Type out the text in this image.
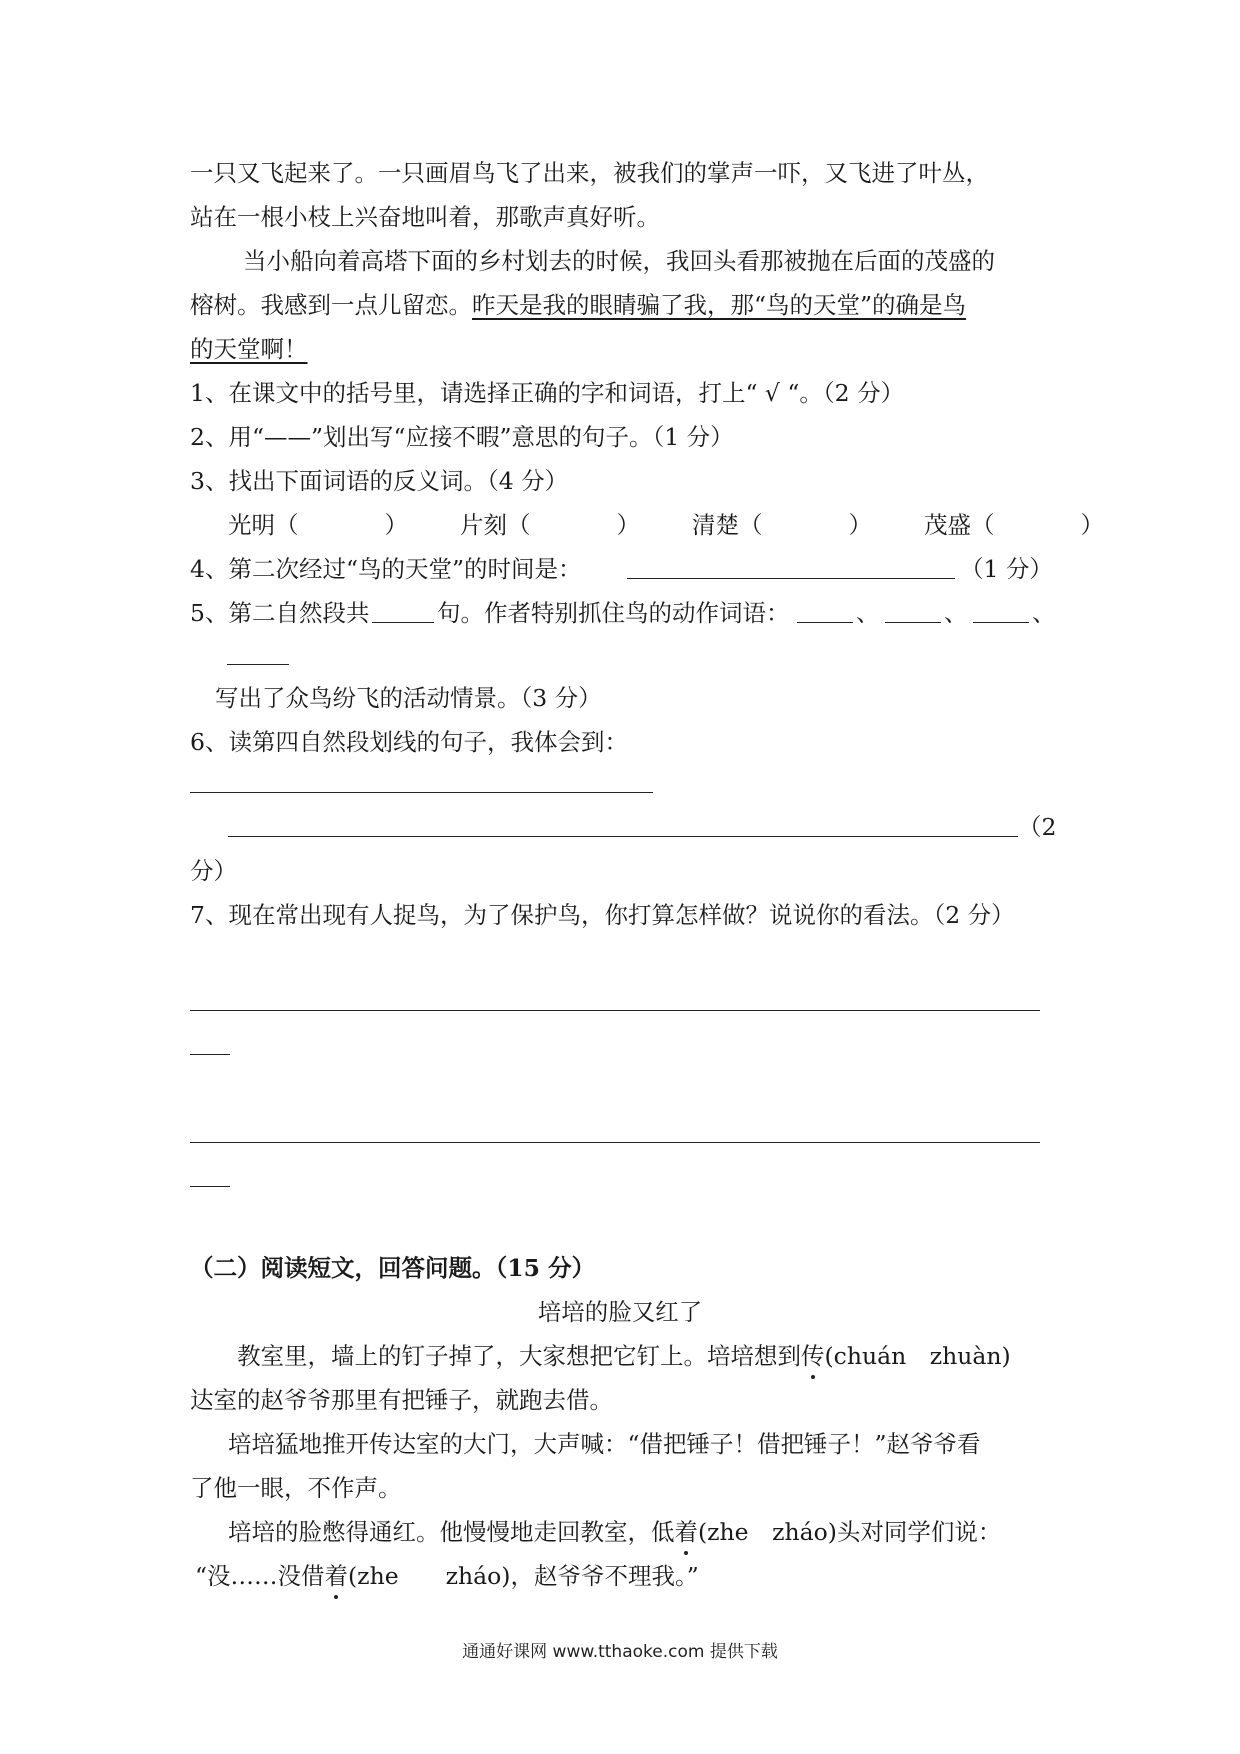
一只又飞起来了。一只画眉鸟飞了出来，被我们的掌声一吓，又飞进了叶丛，
站在一根小枝上兴奋地叫着，那歌声真好听。
当小船向着高塔下面的乡村划去的时候，我回头看那被抛在后面的茂盛的
榕树。我感到一点儿留恋。昨天是我的眼睛骗了我，那“鸟的天堂”的确是鸟
的天堂啊！
1、在课文中的括号里，请选择正确的字和词语，打上“ √ “。（2 分）
2、用“——”划出写“应接不暇”意思的句子。（1 分）
3、找出下面词语的反义词。（4 分）
光明（	） 片刻（	） 清楚（	） 茂盛（	）
4、第二次经过“鸟的天堂”的时间是：	（1 分）
5、第二自然段共	句。作者特别抓住鸟的动作词语：	、	、	、
写出了众鸟纷飞的活动情景。（3 分）
6、读第四自然段划线的句子，我体会到：
（2
分）
7、现在常出现有人捉鸟，为了保护鸟，你打算怎样做？说说你的看法。（2 分）
（二）阅读短文，回答问题。（15 分）
培培的脸又红了
教室里，墙上的钉子掉了，大家想把它钉上。培培想到传(chuán　zhuàn)
达室的赵爷爷那里有把锤子，就跑去借。
培培猛地推开传达室的大门，大声喊：“借把锤子！借把锤子！”赵爷爷看
了他一眼，不作声。
培培的脸憋得通红。他慢慢地走回教室，低着(zhe　zháo)头对同学们说：
“没……没借着(zhe　　zháo)，赵爷爷不理我。”
通通好课网 www.tthaoke.com 提供下载
